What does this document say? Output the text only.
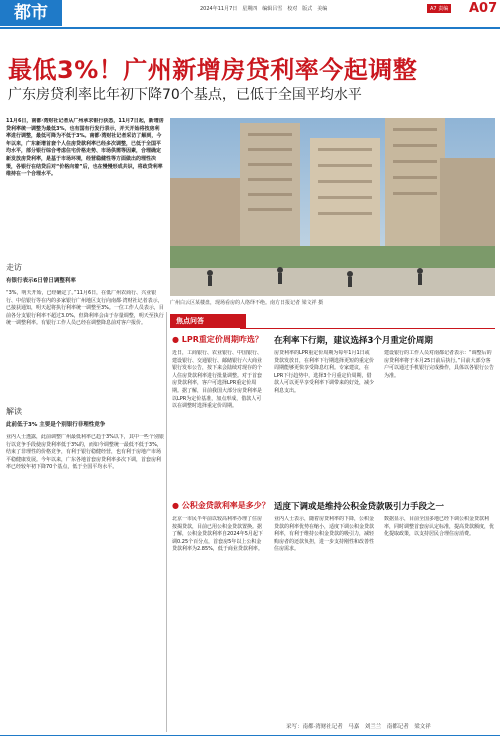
都市	2024年11月7日　星期四　编辑吕雪　校对　版式　美编	A7 责编 A07
最低3%！广州新增房贷利率今起调整
广东房贷利率比年初下降70个基点，已低于全国平均水平
11月6日，南都·湾财社记者从广州承求银行获悉，11月7日起，新增房贷利率统一调整为最低3%，也有国有行发行表示，并天开始将按房利率进行调整，最低可降为不低于3%。南都·湾财社记者采访了解到，今年以来，广东新增首套个人住房贷款利率已经多次调整，已低于全国平均水平，部分银行综合考虑住宅价格走势、市场供需等因素，合理确定新发放房贷利率，是基于市场环境，经营稳健性等方面做出的理性决策，各银行在结贷后对“价格向着”后，也在慢慢形成共识，将政贷利率维持在一个合理水平。
广州白云区某楼盘，现场看房的人络绎不绝。南方日报记者 梁文祥 摄
走访
有银行表示6日曾日调整利率
“3%，明天开始，已经确定了。”11月6日，在低广州农商行、兴业银行、中信银行等在内的多家银行广州地区支行向南都·湾财社记者表示，已接获通知，明天起将执行利率统一调整至3%。一位工作人员表示，目前各分支银行利率不超过3.0%，但降利率会由于存量调整，明天至执行统一调整利率。有银行工作人员已经在调整降息前对客户报价。
解读
此前低于3% 主要是个别银行非理性竞争
业内人士透露，此前调整广州最低利率已趋于3%以下，其中一些个别银行以竞争手段使房贷利率低于3%的，而如今调整统一最低不低于3%，结束了非理性的价格竞争，有利于银行稳健经营，也有利于房地产市场平稳健康发展。今年以来，广东各地首套房贷利率多次下调，首套房利率已经较年初下降70个基点，低于全国平均水平。
焦点问答
● LPR重定价周期咋选？
近日，工商银行、农业银行、中国银行、建设银行、交通银行、邮储银行六大商业银行发布公告，按下来会陆续对现存的个人住房贷款利率进行批量调整。对于首套房贷款利率，客户可选择LPR重定价周期。据了解，目前我国大部分房贷利率是以LPR为定价基准，加点形成，借款人可以在调整时选择重定价周期。
在利率下行期，建议选择3个月重定价周期
房贷利率的LPR重定价周期为每年1月1日或贷款发放日，在利率下行期选择更短的重定价周期能够更快享受降息红利。专家建议，在LPR下行趋势中，选择3个月重定价周期，借款人可以更早享受利率下调带来的好处，减少利息支出。
建设银行的工作人员对南都记者表示：“调整后的房贷利率将于本月25日前后执行。”目前大部分客户可以通过手机银行完成操作，具体以各银行公告为准。
● 公积金贷款利率是多少？
北京一市民半年前以较高利率办理了住房按揭贷款，目前已用公积金贷款置换。据了解，公积金贷款利率自2024年5月起下调0.25个百分点，首套房5年以上公积金贷款利率为2.85%，低于商业贷款利率。
适度下调或是维持公积金贷款吸引力手段之一
业内人士表示，随着房贷利率的下降，公积金贷款的利率优势在缩小，适度下调公积金贷款利率，有利于维持公积金贷款的吸引力，减轻购房者的还款负担，进一步支持刚性和改善性住房需求。
数据显示，目前全国多地已经下调公积金贷款利率，同时调整首套房认定标准，提高贷款额度，优化提取政策，以支持居民合理住房消费。
采写：南都·湾财社记者　马嘉　刘兰兰　南都记者　梁文祥
